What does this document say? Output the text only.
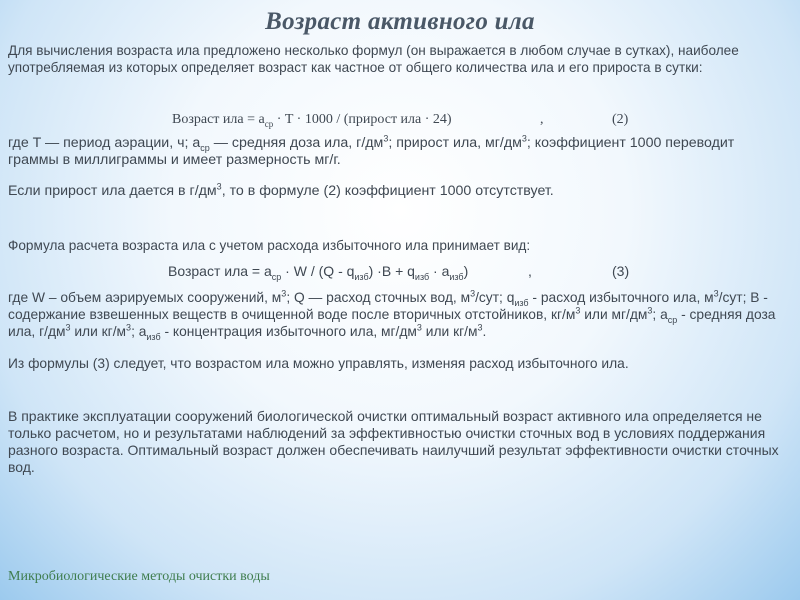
Возраст активного ила
Для вычисления возраста ила предложено несколько формул (он выражается в любом случае в сутках), наиболее употребляемая из которых определяет возраст как частное от общего количества ила и его прироста в сутки:
Возраст ила = $а_{ср} \cdot T \cdot 1000$ / (прирост ила · 24)	,	(2)
где T — период аэрации, ч; $а_{ср}$ — средняя доза ила, $г/дм^3$; прирост ила, $мг/дм^3$; коэффициент 1000 переводит граммы в миллиграммы и имеет размерность мг/г.
Если прирост ила дается в $г/дм^3$, то в формуле (2) коэффициент 1000 отсутствует.
Формула расчета возраста ила с учетом расхода избыточного ила принимает вид:
Возраст ила = $а_{ср} \cdot W / (Q - q_{изб}) \cdot B + q_{изб} \cdot а_{изб}$)	,	(3)
где W – объем аэрируемых сооружений, $м^3$; Q — расход сточных вод, $м^3$/сут; $q_{изб}$ - расход избыточного ила, $м^3$/сут; B - содержание взвешенных веществ в очищенной воде после вторичных отстойников, $кг/м^3$ или $мг/дм^3$; $а_{ср}$ - средняя доза ила, $г/дм^3$ или $кг/м^3$; $а_{изб}$ - концентрация избыточного ила, $мг/дм^3$ или $кг/м^3$.
Из формулы (3) следует, что возрастом ила можно управлять, изменяя расход избыточного ила.
В практике эксплуатации сооружений биологической очистки оптимальный возраст активного ила определяется не только расчетом, но и результатами наблюдений за эффективностью очистки сточных вод в условиях поддержания разного возраста. Оптимальный возраст должен обеспечивать наилучший результат эффективности очистки сточных вод.
Микробиологические методы очистки воды
